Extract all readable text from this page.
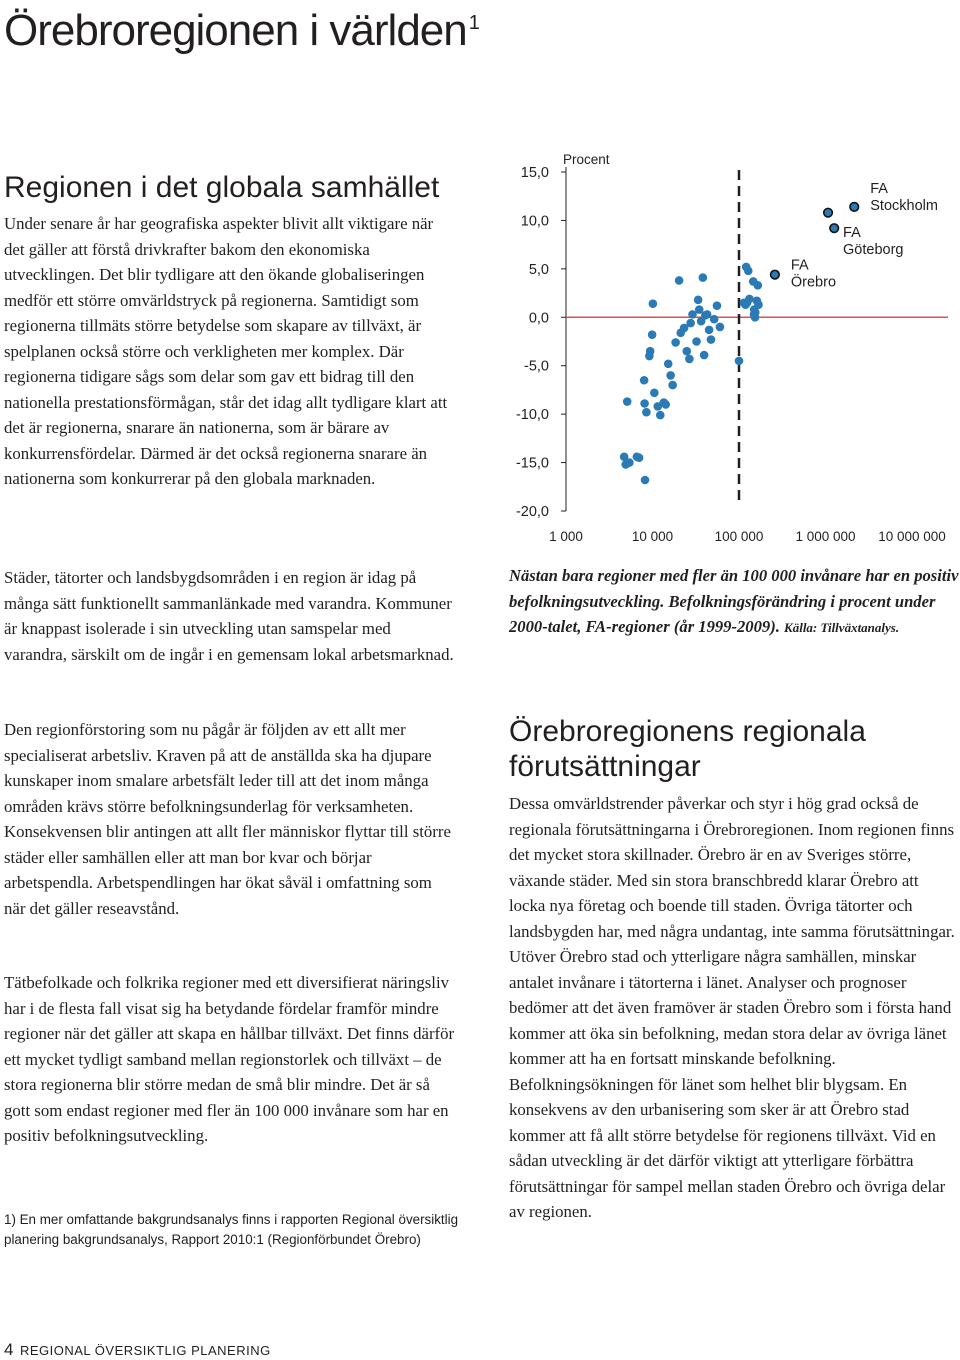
Örebroregionen i världen $^1$
Regionen i det globala samhället

Under senare år har geografiska aspekter blivit allt viktigare när det gäller att förstå drivkrafter bakom den ekonomiska utvecklingen. Det blir tydligare att den ökande globaliseringen medför ett större omvärldstryck på regionerna. Samtidigt som regionerna tillmäts större betydelse som skapare av tillväxt, är spelplanen också större och verkligheten mer komplex. Där regionerna tidigare sågs som delar som gav ett bidrag till den nationella prestationsförmågan, står det idag allt tydligare klart att det är regionerna, snarare än nationerna, som är bärare av konkurrensfördelar. Därmed är det också regionerna snarare än nationerna som konkurrerar på den globala marknaden.

Städer, tätorter och landsbygdsområden i en region är idag på många sätt funktionellt sammanlänkade med varandra. Kommuner är knappast isolerade i sin utveckling utan samspelar med varandra, särskilt om de ingår i en gemensam lokal arbetsmarknad.

Den regionförstoring som nu pågår är följden av ett allt mer specialiserat arbetsliv. Kraven på att de anställda ska ha djupare kunskaper inom smalare arbetsfält leder till att det inom många områden krävs större befolkningsunderlag för verksamheten. Konsekvensen blir antingen att allt fler människor flyttar till större städer eller samhällen eller att man bor kvar och börjar arbetspendla. Arbetspendlingen har ökat såväl i omfattning som när det gäller reseavstånd.

Tätbefolkade och folkrika regioner med ett diversifierat näringsliv har i de flesta fall visat sig ha betydande fördelar framför mindre regioner när det gäller att skapa en hållbar tillväxt. Det finns därför ett mycket tydligt samband mellan regionstorlek och tillväxt – de stora regionerna blir större medan de små blir mindre. Det är så gott som endast regioner med fler än 100 000 invånare som har en positiv befolkningsutveckling.

1) En mer omfattande bakgrundsanalys finns i rapporten Regional översiktlig planering bakgrundsanalys, Rapport 2010:1 (Regionförbundet Örebro)

15,0
10,0
5,0
0,0
-5,0
-10,0
-15,0
-20,0
1 000	10 000	100 000 1 000 000 10 000 000
Procent
FA Örebro
FA Göteborg
FA Stockholm

Nästan bara regioner med fler än 100 000 invånare har en positiv befolkningsutveckling. Befolkningsförändring i procent under 2000-talet, FA-regioner (år 1999-2009). Källa: Tillväxtanalys.

Örebroregionens regionala förutsättningar

Dessa omvärldstrender påverkar och styr i hög grad också de regionala förutsättningarna i Örebroregionen. Inom regionen finns det mycket stora skillnader. Örebro är en av Sveriges större, växande städer. Med sin stora branschbredd klarar Örebro att locka nya företag och boende till staden. Övriga tätorter och landsbygden har, med några undantag, inte samma förutsättningar. Utöver Örebro stad och ytterligare några samhällen, minskar antalet invånare i tätorterna i länet. Analyser och prognoser bedömer att det även framöver är staden Örebro som i första hand kommer att öka sin befolkning, medan stora delar av övriga länet kommer att ha en fortsatt minskande befolkning. Befolkningsökningen för länet som helhet blir blygsam. En konsekvens av den urbanisering som sker är att Örebro stad kommer att få allt större betydelse för regionens tillväxt. Vid en sådan utveckling är det därför viktigt att ytterligare förbättra förutsättningar för sampel mellan staden Örebro och övriga delar av regionen.

4 REGIONAL ÖVERSIKTLIG PLANERING
